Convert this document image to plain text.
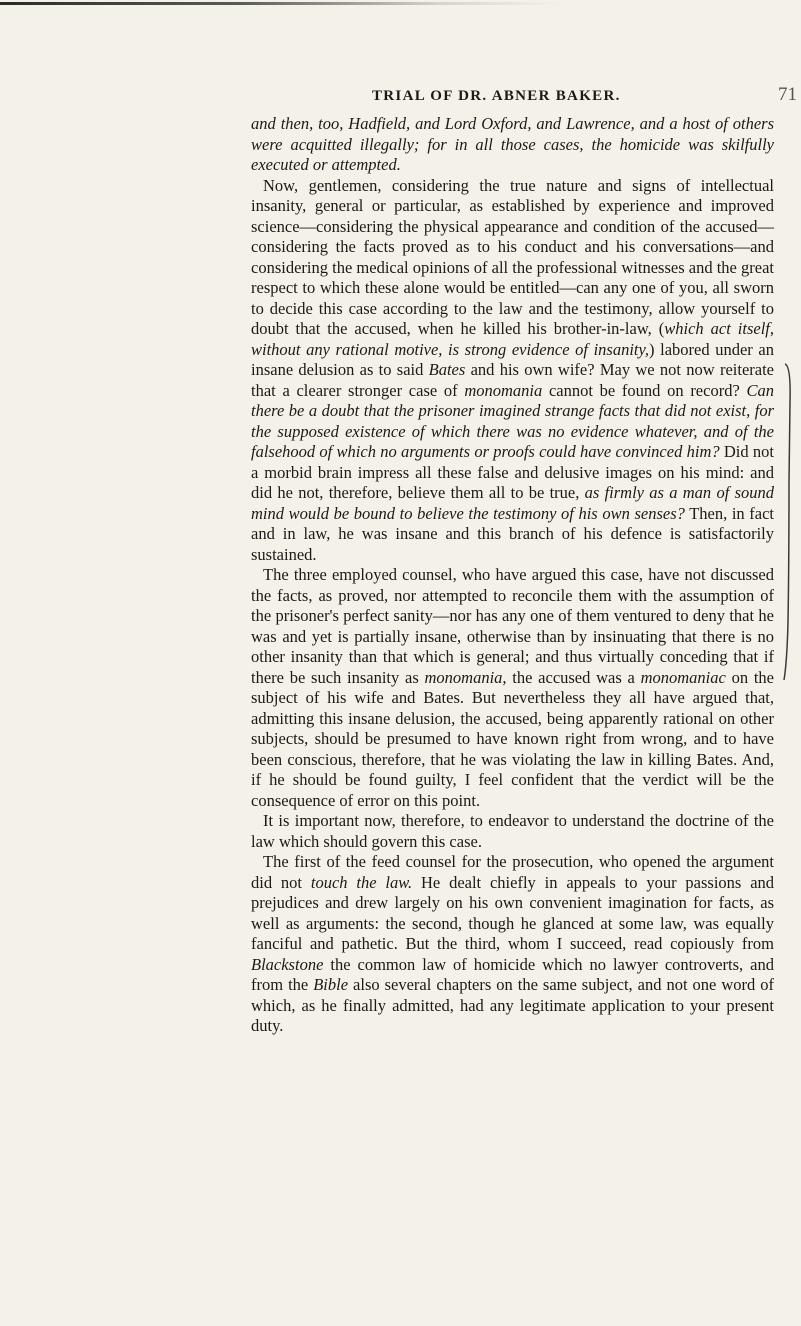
TRIAL OF DR. ABNER BAKER.	71

and then, too, Hadfield, and Lord Oxford, and Lawrence, and a host of others were acquitted illegally; for in all those cases, the homicide was skilfully executed or attempted.

Now, gentlemen, considering the true nature and signs of intellectual insanity, general or particular, as established by experience and improved science—considering the physical appearance and condition of the accused—considering the facts proved as to his conduct and his conversations—and considering the medical opinions of all the professional witnesses and the great respect to which these alone would be entitled—can any one of you, all sworn to decide this case according to the law and the testimony, allow yourself to doubt that the accused, when he killed his brother-in-law, (which act itself, without any rational motive, is strong evidence of insanity,) labored under an insane delusion as to said Bates and his own wife? May we not now reiterate that a clearer stronger case of monomania cannot be found on record? Can there be a doubt that the prisoner imagined strange facts that did not exist, for the supposed existence of which there was no evidence whatever, and of the falsehood of which no arguments or proofs could have convinced him? Did not a morbid brain impress all these false and delusive images on his mind: and did he not, therefore, believe them all to be true, as firmly as a man of sound mind would be bound to believe the testimony of his own senses? Then, in fact and in law, he was insane and this branch of his defence is satisfactorily sustained.

The three employed counsel, who have argued this case, have not discussed the facts, as proved, nor attempted to reconcile them with the assumption of the prisoner's perfect sanity—nor has any one of them ventured to deny that he was and yet is partially insane, otherwise than by insinuating that there is no other insanity than that which is general; and thus virtually conceding that if there be such insanity as monomania, the accused was a monomaniac on the subject of his wife and Bates. But nevertheless they all have argued that, admitting this insane delusion, the accused, being apparently rational on other subjects, should be presumed to have known right from wrong, and to have been conscious, therefore, that he was violating the law in killing Bates. And, if he should be found guilty, I feel confident that the verdict will be the consequence of error on this point.

It is important now, therefore, to endeavor to understand the doctrine of the law which should govern this case.

The first of the feed counsel for the prosecution, who opened the argument did not touch the law. He dealt chiefly in appeals to your passions and prejudices and drew largely on his own convenient imagination for facts, as well as arguments: the second, though he glanced at some law, was equally fanciful and pathetic. But the third, whom I succeed, read copiously from Blackstone the common law of homicide which no lawyer controverts, and from the Bible also several chapters on the same subject, and not one word of which, as he finally admitted, had any legitimate application to your present duty.
